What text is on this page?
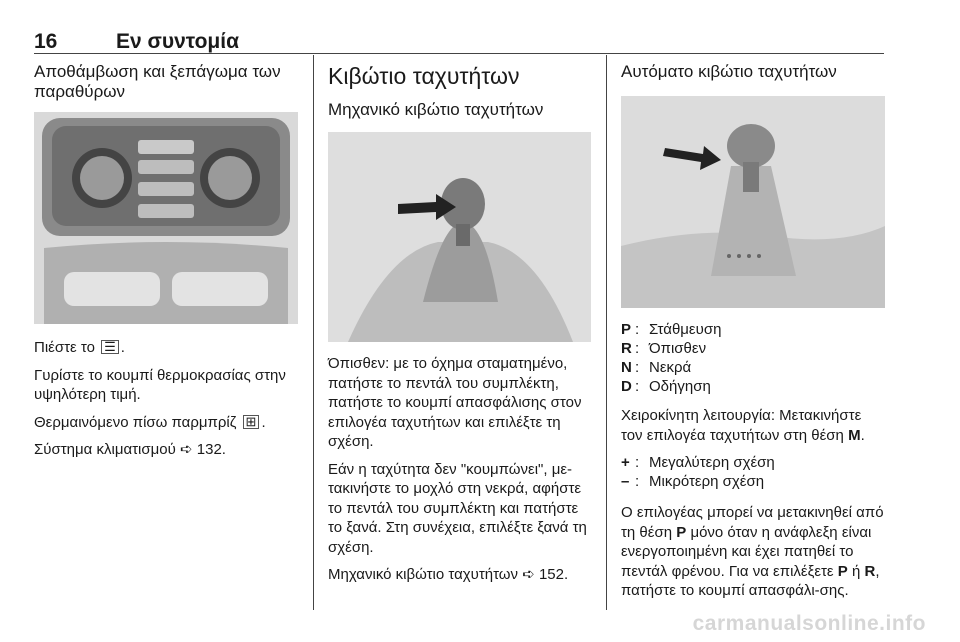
16	Εν συντομία
Αποθάμβωση και ξεπάγωμα των παραθύρων

Πιέστε το ☰ .

Γυρίστε το κουμπί θερμοκρασίας στην υψηλότερη τιμή.

Θερμαινόμενο πίσω παρμπρίζ ⊞ .

Σύστημα κλιματισμού ➪ 132.

Κιβώτιο ταχυτήτων
Μηχανικό κιβώτιο ταχυτήτων

Όπισθεν: με το όχημα σταματημένο, πατήστε το πεντάλ του συμπλέκτη, πατήστε το κουμπί απασφάλισης στον επιλογέα ταχυτήτων και επιλέξτε τη σχέση.

Εάν η ταχύτητα δεν "κουμπώνει", με-τακινήστε το μοχλό στη νεκρά, αφήστε το πεντάλ του συμπλέκτη και πατήστε το ξανά. Στη συνέχεια, επιλέξτε ξανά τη σχέση.

Μηχανικό κιβώτιο ταχυτήτων ➪ 152.

Αυτόματο κιβώτιο ταχυτήτων
P : Στάθμευση
R : Όπισθεν
N : Νεκρά
D : Οδήγηση

Χειροκίνητη λειτουργία: Μετακινήστε τον επιλογέα ταχυτήτων στη θέση M.

+ : Μεγαλύτερη σχέση
– : Μικρότερη σχέση

Ο επιλογέας μπορεί να μετακινηθεί από τη θέση P μόνο όταν η ανάφλεξη είναι ενεργοποιημένη και έχει πατηθεί το πεντάλ φρένου. Για να επιλέξετε P ή R, πατήστε το κουμπί απασφάλι-σης.

carmanualsonline.info
